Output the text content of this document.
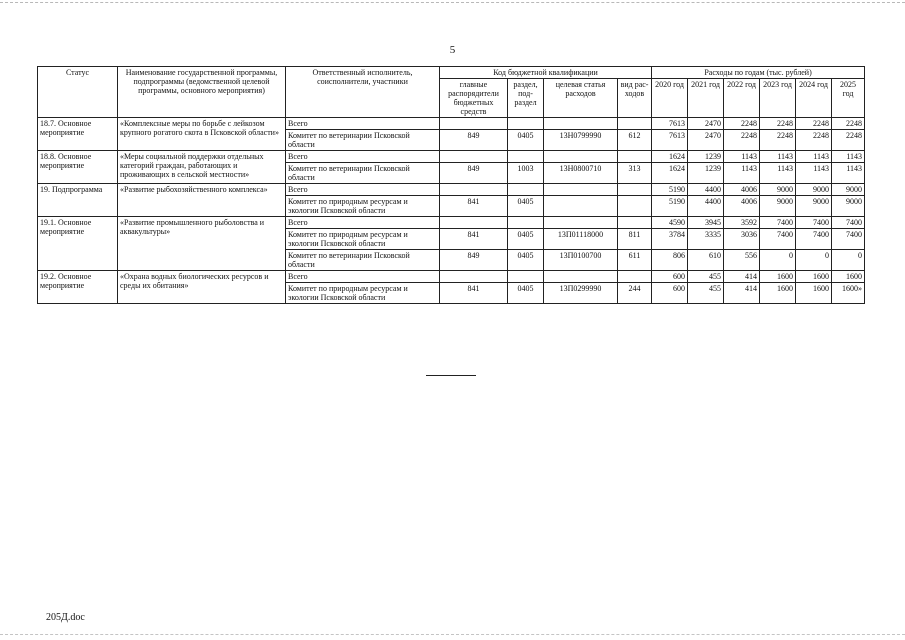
5
Статус	Наименование государственной программы, подпрограммы (ведомственной целевой программы, основного мероприятия)	Ответственный исполнитель, соисполнители, участники	Код бюджетной квалификации				Расходы по годам (тыс. рублей)					
			главные распорядители бюджетных средств	раздел, под-раздел	целевая статья расходов	вид рас-ходов	2020 год	2021 год	2022 год	2023 год	2024 год	2025 год
18.7. Основное мероприятие	«Комплексные меры по борьбе с лейкозом крупного рогатого скота в Псковской области»	Всего					7613	2470	2248	2248	2248	2248
		Комитет по ветеринарии Псковской области	849	0405	13Н0799990	612	7613	2470	2248	2248	2248	2248
18.8. Основное мероприятие	«Меры социальной поддержки отдельных категорий граждан, работающих и проживающих в сельской местности»	Всего					1624	1239	1143	1143	1143	1143
		Комитет по ветеринарии Псковской области	849	1003	13Н0800710	313	1624	1239	1143	1143	1143	1143
19. Подпрограмма	«Развитие рыбохозяйственного комплекса»	Всего					5190	4400	4006	9000	9000	9000
		Комитет по природным ресурсам и экологии Псковской области	841	0405			5190	4400	4006	9000	9000	9000
19.1. Основное мероприятие	«Развитие промышленного рыболовства и аквакультуры»	Всего					4590	3945	3592	7400	7400	7400
		Комитет по природным ресурсам и экологии Псковской области	841	0405	13П01118000	811	3784	3335	3036	7400	7400	7400
		Комитет по ветеринарии Псковской области	849	0405	13П0100700	611	806	610	556	0	0	0
19.2. Основное мероприятие	«Охрана водных биологических ресурсов и среды их обитания»	Всего					600	455	414	1600	1600	1600
		Комитет по природным ресурсам и экологии Псковской области	841	0405	13П0299990	244	600	455	414	1600	1600	1600»
205Д.doc
